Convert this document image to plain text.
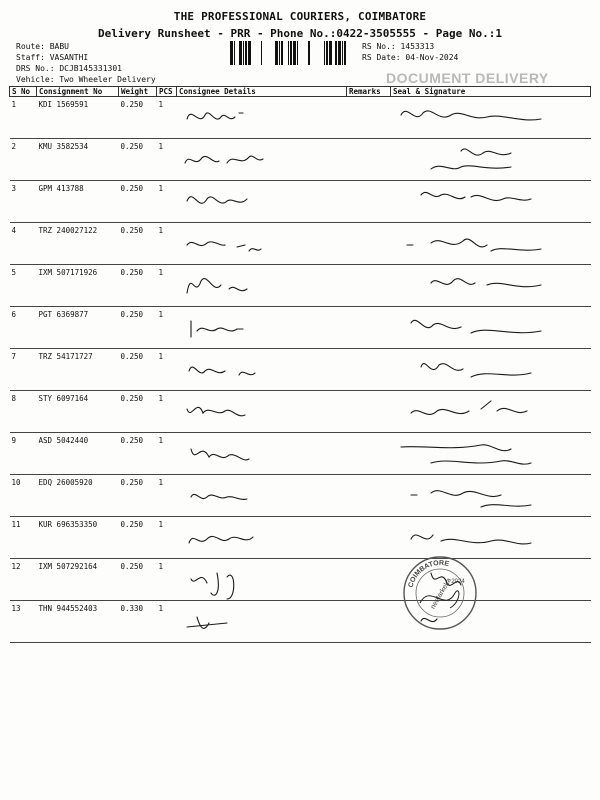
THE PROFESSIONAL COURIERS, COIMBATORE
Delivery Runsheet - PRR - Phone No.:0422-3505555 - Page No.:1
Route: BABU
Staff: VASANTHI
DRS No.: DCJB145331301
Vehicle: Two Wheeler Delivery
RS No.: 1453313
RS Date: 04-Nov-2024
DOCUMENT DELIVERY
S No	Consignment No	Weight	PCS	Consignee Details	Remarks	Seal & Signature
1	KDI 1569591	0.250	1	

2	KMU 3582534	0.250	1	

3	GPM 413788	0.250	1	

4	TRZ 240027122	0.250	1	

5	IXM 507171926	0.250	1	

6	PGT 6369877	0.250	1	

7	TRZ 54171727	0.250	1	

8	STY 6097164	0.250	1	

9	ASD 5042440	0.250	1	

10	EDQ 26005920	0.250	1	

11	KUR 696353350	0.250	1	

12	IXM 507292164	0.250	1	

13	THN 944552403	0.330	1	

COIMBATORE
neelarkeka
2024
